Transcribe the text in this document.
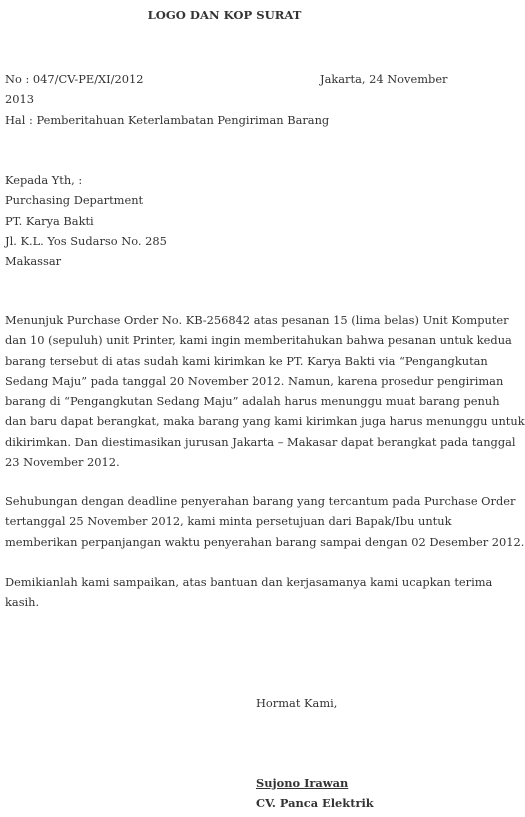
LOGO DAN KOP SURAT
No : 047/CV-PE/XI/2012	Jakarta, 24 November
2013
Hal : Pemberitahuan Keterlambatan Pengiriman Barang
Kepada Yth, :
Purchasing Department
PT. Karya Bakti
Jl. K.L. Yos Sudarso No. 285
Makassar
Menunjuk Purchase Order No. KB-256842 atas pesanan 15 (lima belas) Unit Komputer
dan 10 (sepuluh) unit Printer, kami ingin memberitahukan bahwa pesanan untuk kedua
barang tersebut di atas sudah kami kirimkan ke PT. Karya Bakti via “Pengangkutan
Sedang Maju” pada tanggal 20 November 2012. Namun, karena prosedur pengiriman
barang di “Pengangkutan Sedang Maju” adalah harus menunggu muat barang penuh
dan baru dapat berangkat, maka barang yang kami kirimkan juga harus menunggu untuk
dikirimkan. Dan diestimasikan jurusan Jakarta – Makasar dapat berangkat pada tanggal
23 November 2012.
Sehubungan dengan deadline penyerahan barang yang tercantum pada Purchase Order
tertanggal 25 November 2012, kami minta persetujuan dari Bapak/Ibu untuk
memberikan perpanjangan waktu penyerahan barang sampai dengan 02 Desember 2012.
Demikianlah kami sampaikan, atas bantuan dan kerjasamanya kami ucapkan terima
kasih.
Hormat Kami,
Sujono Irawan
CV. Panca Elektrik
